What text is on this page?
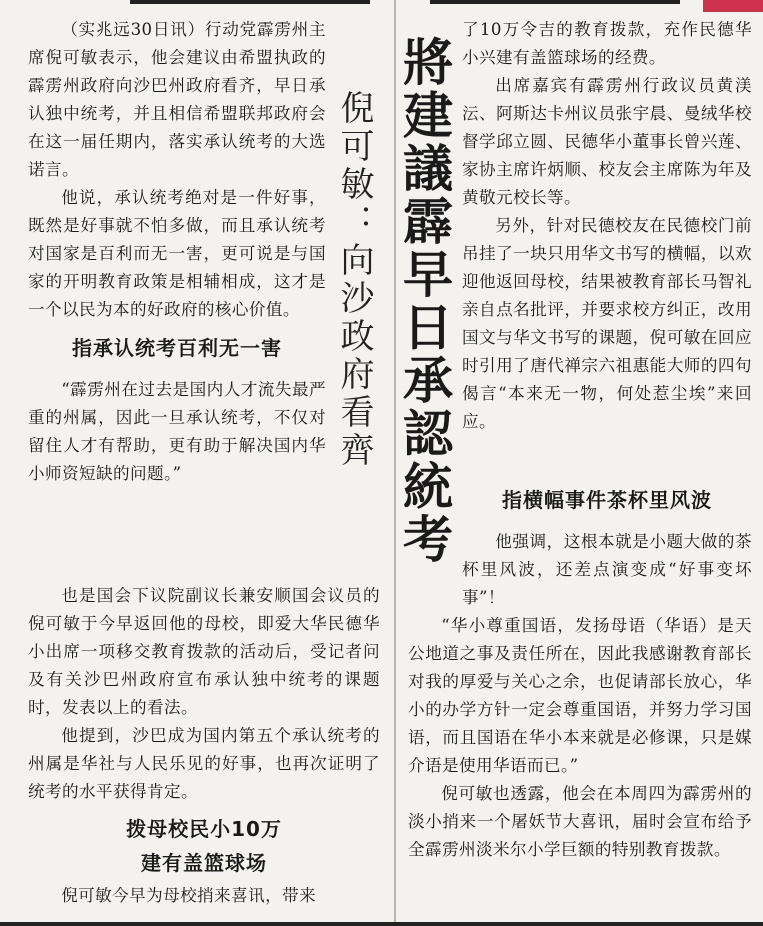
（实兆远30日讯）行动党霹雳州主席倪可敏表示，他会建议由希盟执政的霹雳州政府向沙巴州政府看齐，早日承认独中统考，并且相信希盟联邦政府会在这一届任期内，落实承认统考的大选诺言。

他说，承认统考绝对是一件好事，既然是好事就不怕多做，而且承认统考对国家是百利而无一害，更可说是与国家的开明教育政策是相辅相成，这才是一个以民为本的好政府的核心价值。

指承认统考百利无一害

“霹雳州在过去是国内人才流失最严重的州属，因此一旦承认统考，不仅对留住人才有帮助，更有助于解决国内华小师资短缺的问题。”

也是国会下议院副议长兼安顺国会议员的倪可敏于今早返回他的母校，即爱大华民德华小出席一项移交教育拨款的活动后，受记者问及有关沙巴州政府宣布承认独中统考的课题时，发表以上的看法。

他提到，沙巴成为国内第五个承认统考的州属是华社与人民乐见的好事，也再次证明了统考的水平获得肯定。

拨母校民小10万
建有盖篮球场

倪可敏今早为母校捎来喜讯，带来

倪可敏：向沙政府看齊 將建議霹早日承認統考

了10万令吉的教育拨款，充作民德华小兴建有盖篮球场的经费。

出席嘉宾有霹雳州行政议员黄渼沄、阿斯达卡州议员张宇晨、曼绒华校督学邱立圆、民德华小董事长曾兴莲、家协主席许炳顺、校友会主席陈为年及黄敬元校长等。

另外，针对民德校友在民德校门前吊挂了一块只用华文书写的横幅，以欢迎他返回母校，结果被教育部长马智礼亲自点名批评，并要求校方纠正，改用国文与华文书写的课题，倪可敏在回应时引用了唐代禅宗六祖惠能大师的四句偈言“本来无一物，何处惹尘埃”来回应。

指横幅事件茶杯里风波

他强调，这根本就是小题大做的茶杯里风波，还差点演变成“好事变坏事”！

“华小尊重国语，发扬母语（华语）是天公地道之事及责任所在，因此我感谢教育部长对我的厚爱与关心之余，也促请部长放心，华小的办学方针一定会尊重国语，并努力学习国语，而且国语在华小本来就是必修课，只是媒介语是使用华语而已。”

倪可敏也透露，他会在本周四为霹雳州的淡小捎来一个屠妖节大喜讯，届时会宣布给予全霹雳州淡米尔小学巨额的特别教育拨款。
